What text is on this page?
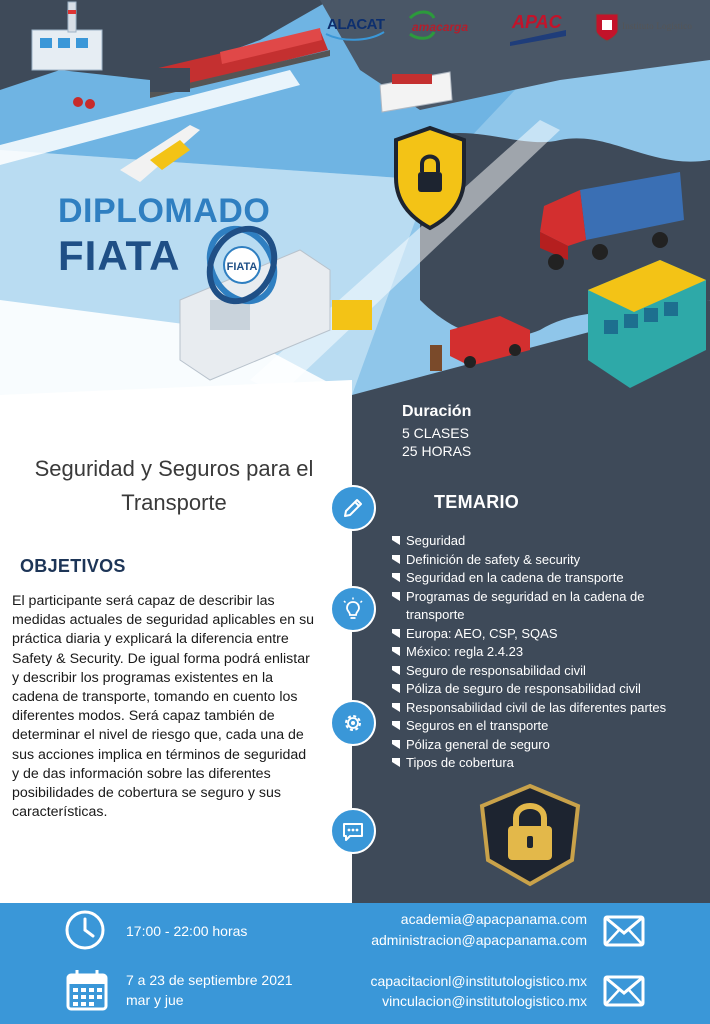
ALACAT amacarga APAC	Instituto Logístico
DIPLOMADO
FIATA	FIATA
Seguridad y Seguros para el Transporte
OBJETIVOS
El participante será capaz de describir las medidas actuales de seguridad aplicables en su práctica diaria y explicará la diferencia entre Safety & Security. De igual forma podrá enlistar y describir los programas existentes en la cadena de transporte, tomando en cuento los diferentes modos. Será capaz también de determinar el nivel de riesgo que, cada una de sus acciones implica en términos de seguridad y de das información sobre las diferentes posibilidades de cobertura se seguro y sus características.
Duración
5 CLASES
25 HORAS
TEMARIO
Seguridad
Definición de safety & security
Seguridad en la cadena de transporte
Programas de seguridad en la cadena de transporte
Europa: AEO, CSP, SQAS
México: regla 2.4.23
Seguro de responsabilidad civil
Póliza de seguro de responsabilidad civil
Responsabilidad civil de las diferentes partes
Seguros en el transporte
Póliza general de seguro
Tipos de cobertura
17:00 - 22:00 horas
7 a 23 de septiembre 2021
mar y jue
academia@apacpanama.com
administracion@apacpanama.com
capacitacionl@institutologistico.mx
vinculacion@institutologistico.mx
